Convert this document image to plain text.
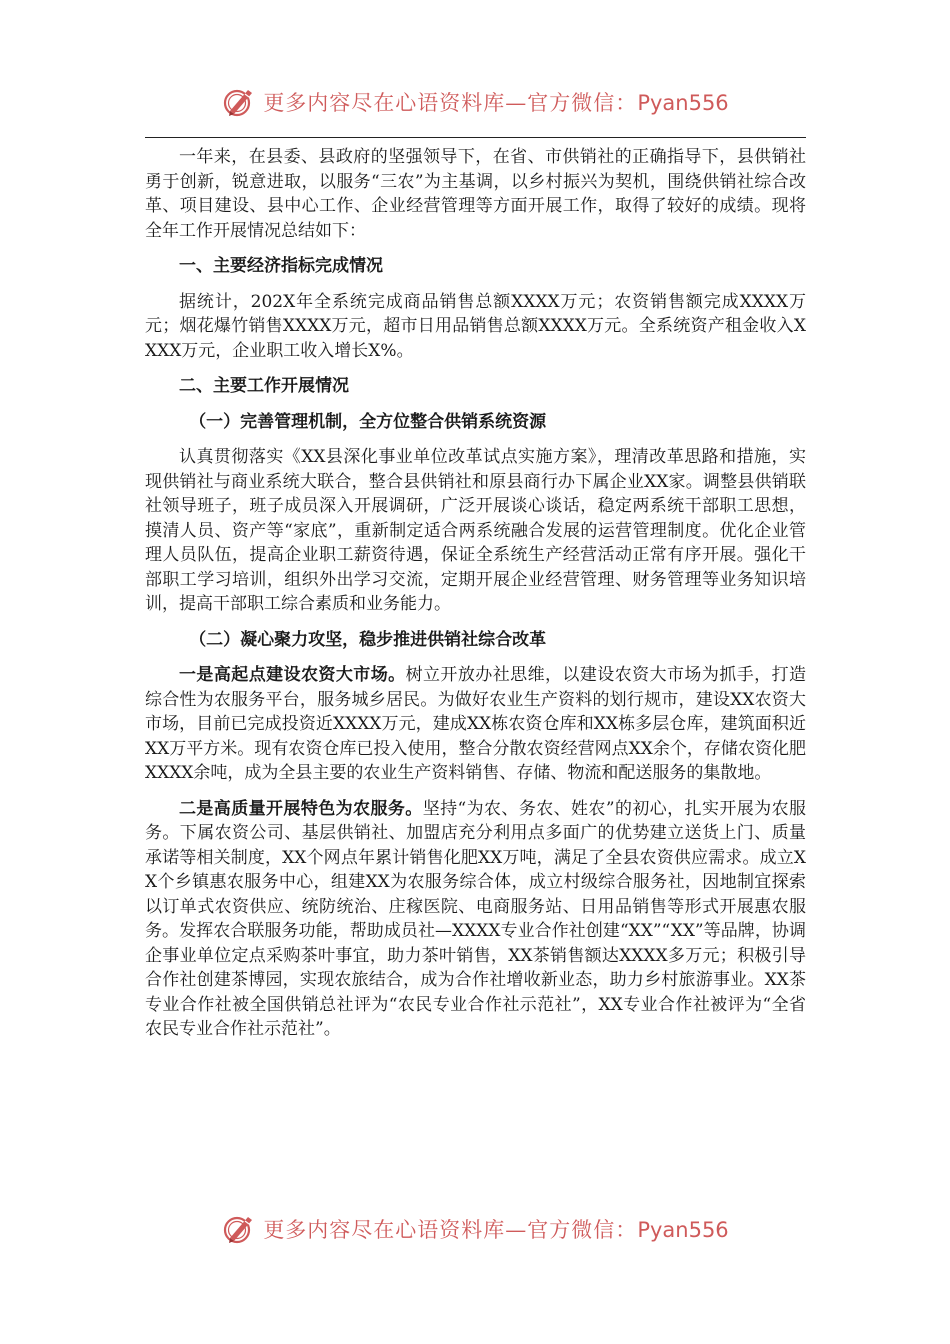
更多内容尽在心语资料库—官方微信：Pyan556

一年来，在县委、县政府的坚强领导下，在省、市供销社的正确指导下，县供销社勇于创新，锐意进取，以服务“三农”为主基调，以乡村振兴为契机，围绕供销社综合改革、项目建设、县中心工作、企业经营管理等方面开展工作，取得了较好的成绩。现将全年工作开展情况总结如下：

一、主要经济指标完成情况

据统计，202X年全系统完成商品销售总额XXXX万元；农资销售额完成XXXX万元；烟花爆竹销售XXXX万元，超市日用品销售总额XXXX万元。全系统资产租金收入XXXX万元，企业职工收入增长X%。

二、主要工作开展情况

（一）完善管理机制，全方位整合供销系统资源

认真贯彻落实《XX县深化事业单位改革试点实施方案》，理清改革思路和措施，实现供销社与商业系统大联合，整合县供销社和原县商行办下属企业XX家。调整县供销联社领导班子，班子成员深入开展调研，广泛开展谈心谈话，稳定两系统干部职工思想，摸清人员、资产等“家底”，重新制定适合两系统融合发展的运营管理制度。优化企业管理人员队伍，提高企业职工薪资待遇，保证全系统生产经营活动正常有序开展。强化干部职工学习培训，组织外出学习交流，定期开展企业经营管理、财务管理等业务知识培训，提高干部职工综合素质和业务能力。

（二）凝心聚力攻坚，稳步推进供销社综合改革

一是高起点建设农资大市场。树立开放办社思维，以建设农资大市场为抓手，打造综合性为农服务平台，服务城乡居民。为做好农业生产资料的划行规市，建设XX农资大市场，目前已完成投资近XXXX万元，建成XX栋农资仓库和XX栋多层仓库，建筑面积近XX万平方米。现有农资仓库已投入使用，整合分散农资经营网点XX余个，存储农资化肥XXXX余吨，成为全县主要的农业生产资料销售、存储、物流和配送服务的集散地。

二是高质量开展特色为农服务。坚持“为农、务农、姓农”的初心，扎实开展为农服务。下属农资公司、基层供销社、加盟店充分利用点多面广的优势建立送货上门、质量承诺等相关制度，XX个网点年累计销售化肥XX万吨，满足了全县农资供应需求。成立XX个乡镇惠农服务中心，组建XX为农服务综合体，成立村级综合服务社，因地制宜探索以订单式农资供应、统防统治、庄稼医院、电商服务站、日用品销售等形式开展惠农服务。发挥农合联服务功能，帮助成员社—XXXX专业合作社创建“XX”“XX”等品牌，协调企事业单位定点采购茶叶事宜，助力茶叶销售，XX茶销售额达XXXX多万元；积极引导合作社创建茶博园，实现农旅结合，成为合作社增收新业态，助力乡村旅游事业。XX茶专业合作社被全国供销总社评为“农民专业合作社示范社”，XX专业合作社被评为“全省农民专业合作社示范社”。

更多内容尽在心语资料库—官方微信：Pyan556
